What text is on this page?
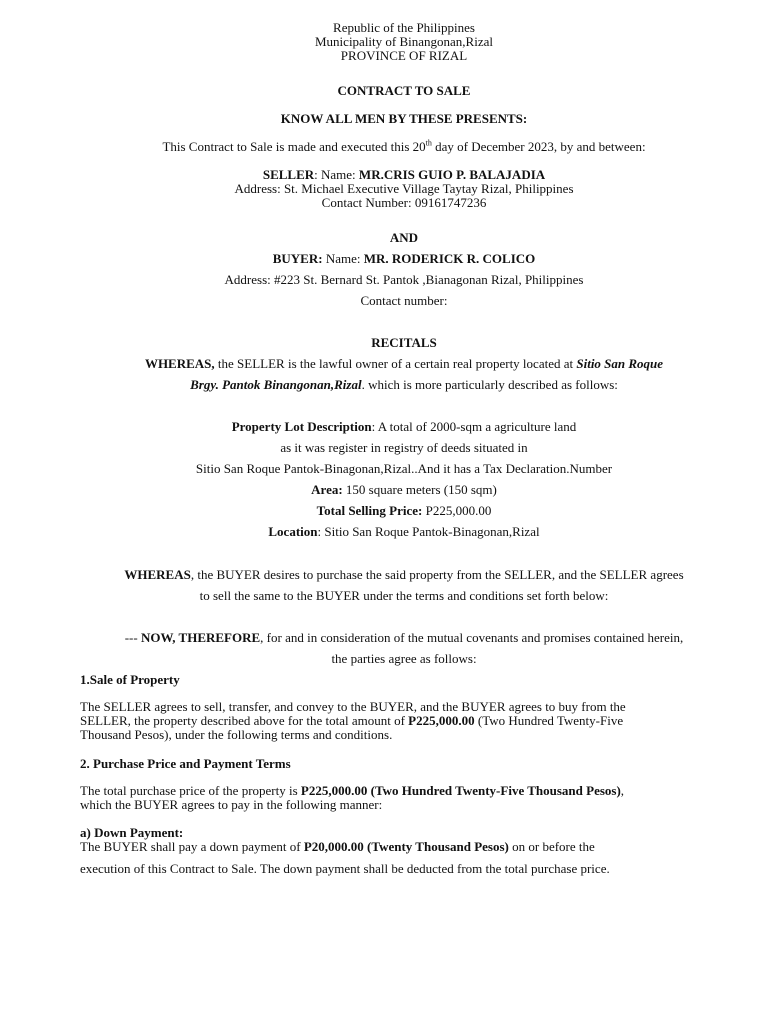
Republic of the Philippines

Municipality of Binangonan,Rizal

PROVINCE OF RIZAL

CONTRACT TO SALE

KNOW ALL MEN BY THESE PRESENTS:

This Contract to Sale is made and executed this 20th day of December 2023, by and between:

SELLER: Name: MR.CRIS GUIO P. BALAJADIA

Address: St. Michael Executive Village Taytay Rizal, Philippines

Contact Number: 09161747236

AND

BUYER: Name: MR. RODERICK R. COLICO

Address: #223 St. Bernard St. Pantok ,Bianagonan Rizal, Philippines

Contact number:

RECITALS

WHEREAS, the SELLER is the lawful owner of a certain real property located at Sitio San Roque

Brgy. Pantok Binangonan,Rizal. which is more particularly described as follows:

Property Lot Description: A total of 2000-sqm a agriculture land

as it was register in registry of deeds situated in

Sitio San Roque Pantok-Binagonan,Rizal..And it has a Tax Declaration.Number

Area: 150 square meters (150 sqm)

Total Selling Price: P225,000.00

Location: Sitio San Roque Pantok-Binagonan,Rizal

WHEREAS, the BUYER desires to purchase the said property from the SELLER, and the SELLER agrees

to sell the same to the BUYER under the terms and conditions set forth below:

--- NOW, THEREFORE, for and in consideration of the mutual covenants and promises contained herein,

the parties agree as follows:

1.Sale of Property

The SELLER agrees to sell, transfer, and convey to the BUYER, and the BUYER agrees to buy from the

SELLER, the property described above for the total amount of P225,000.00 (Two Hundred Twenty-Five

Thousand Pesos), under the following terms and conditions.

2. Purchase Price and Payment Terms

The total purchase price of the property is P225,000.00 (Two Hundred Twenty-Five Thousand Pesos),

which the BUYER agrees to pay in the following manner:

a) Down Payment:

The BUYER shall pay a down payment of P20,000.00 (Twenty Thousand Pesos) on or before the

execution of this Contract to Sale. The down payment shall be deducted from the total purchase price.
